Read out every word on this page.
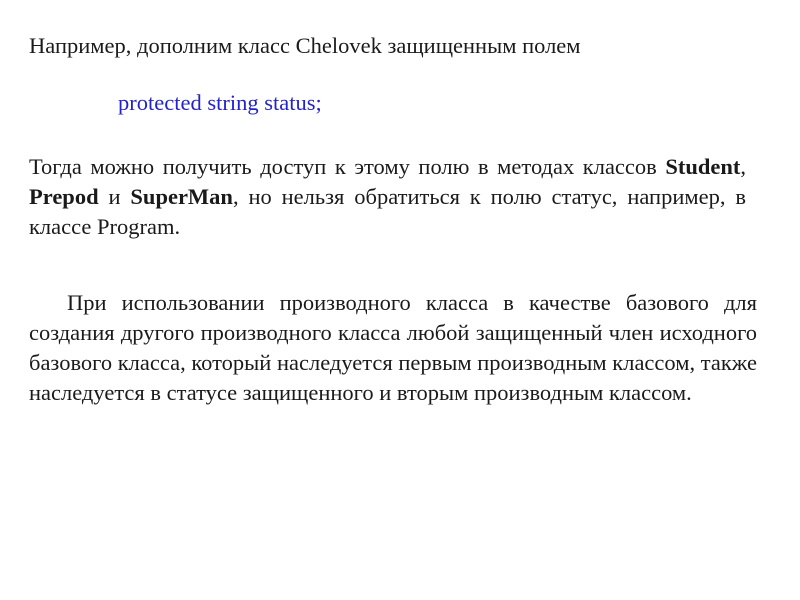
Например, дополним класс Chelovek защищенным полем
protected string status;
Тогда можно получить доступ к этому полю в методах классов Student, Prepod и SuperMan, но нельзя обратиться к полю статус, например, в классе Program.
При использовании производного класса в качестве базового для создания другого производного класса любой защищенный член исходного базового класса, который наследуется первым производным классом, также наследуется в статусе защищенного и вторым производным классом.
